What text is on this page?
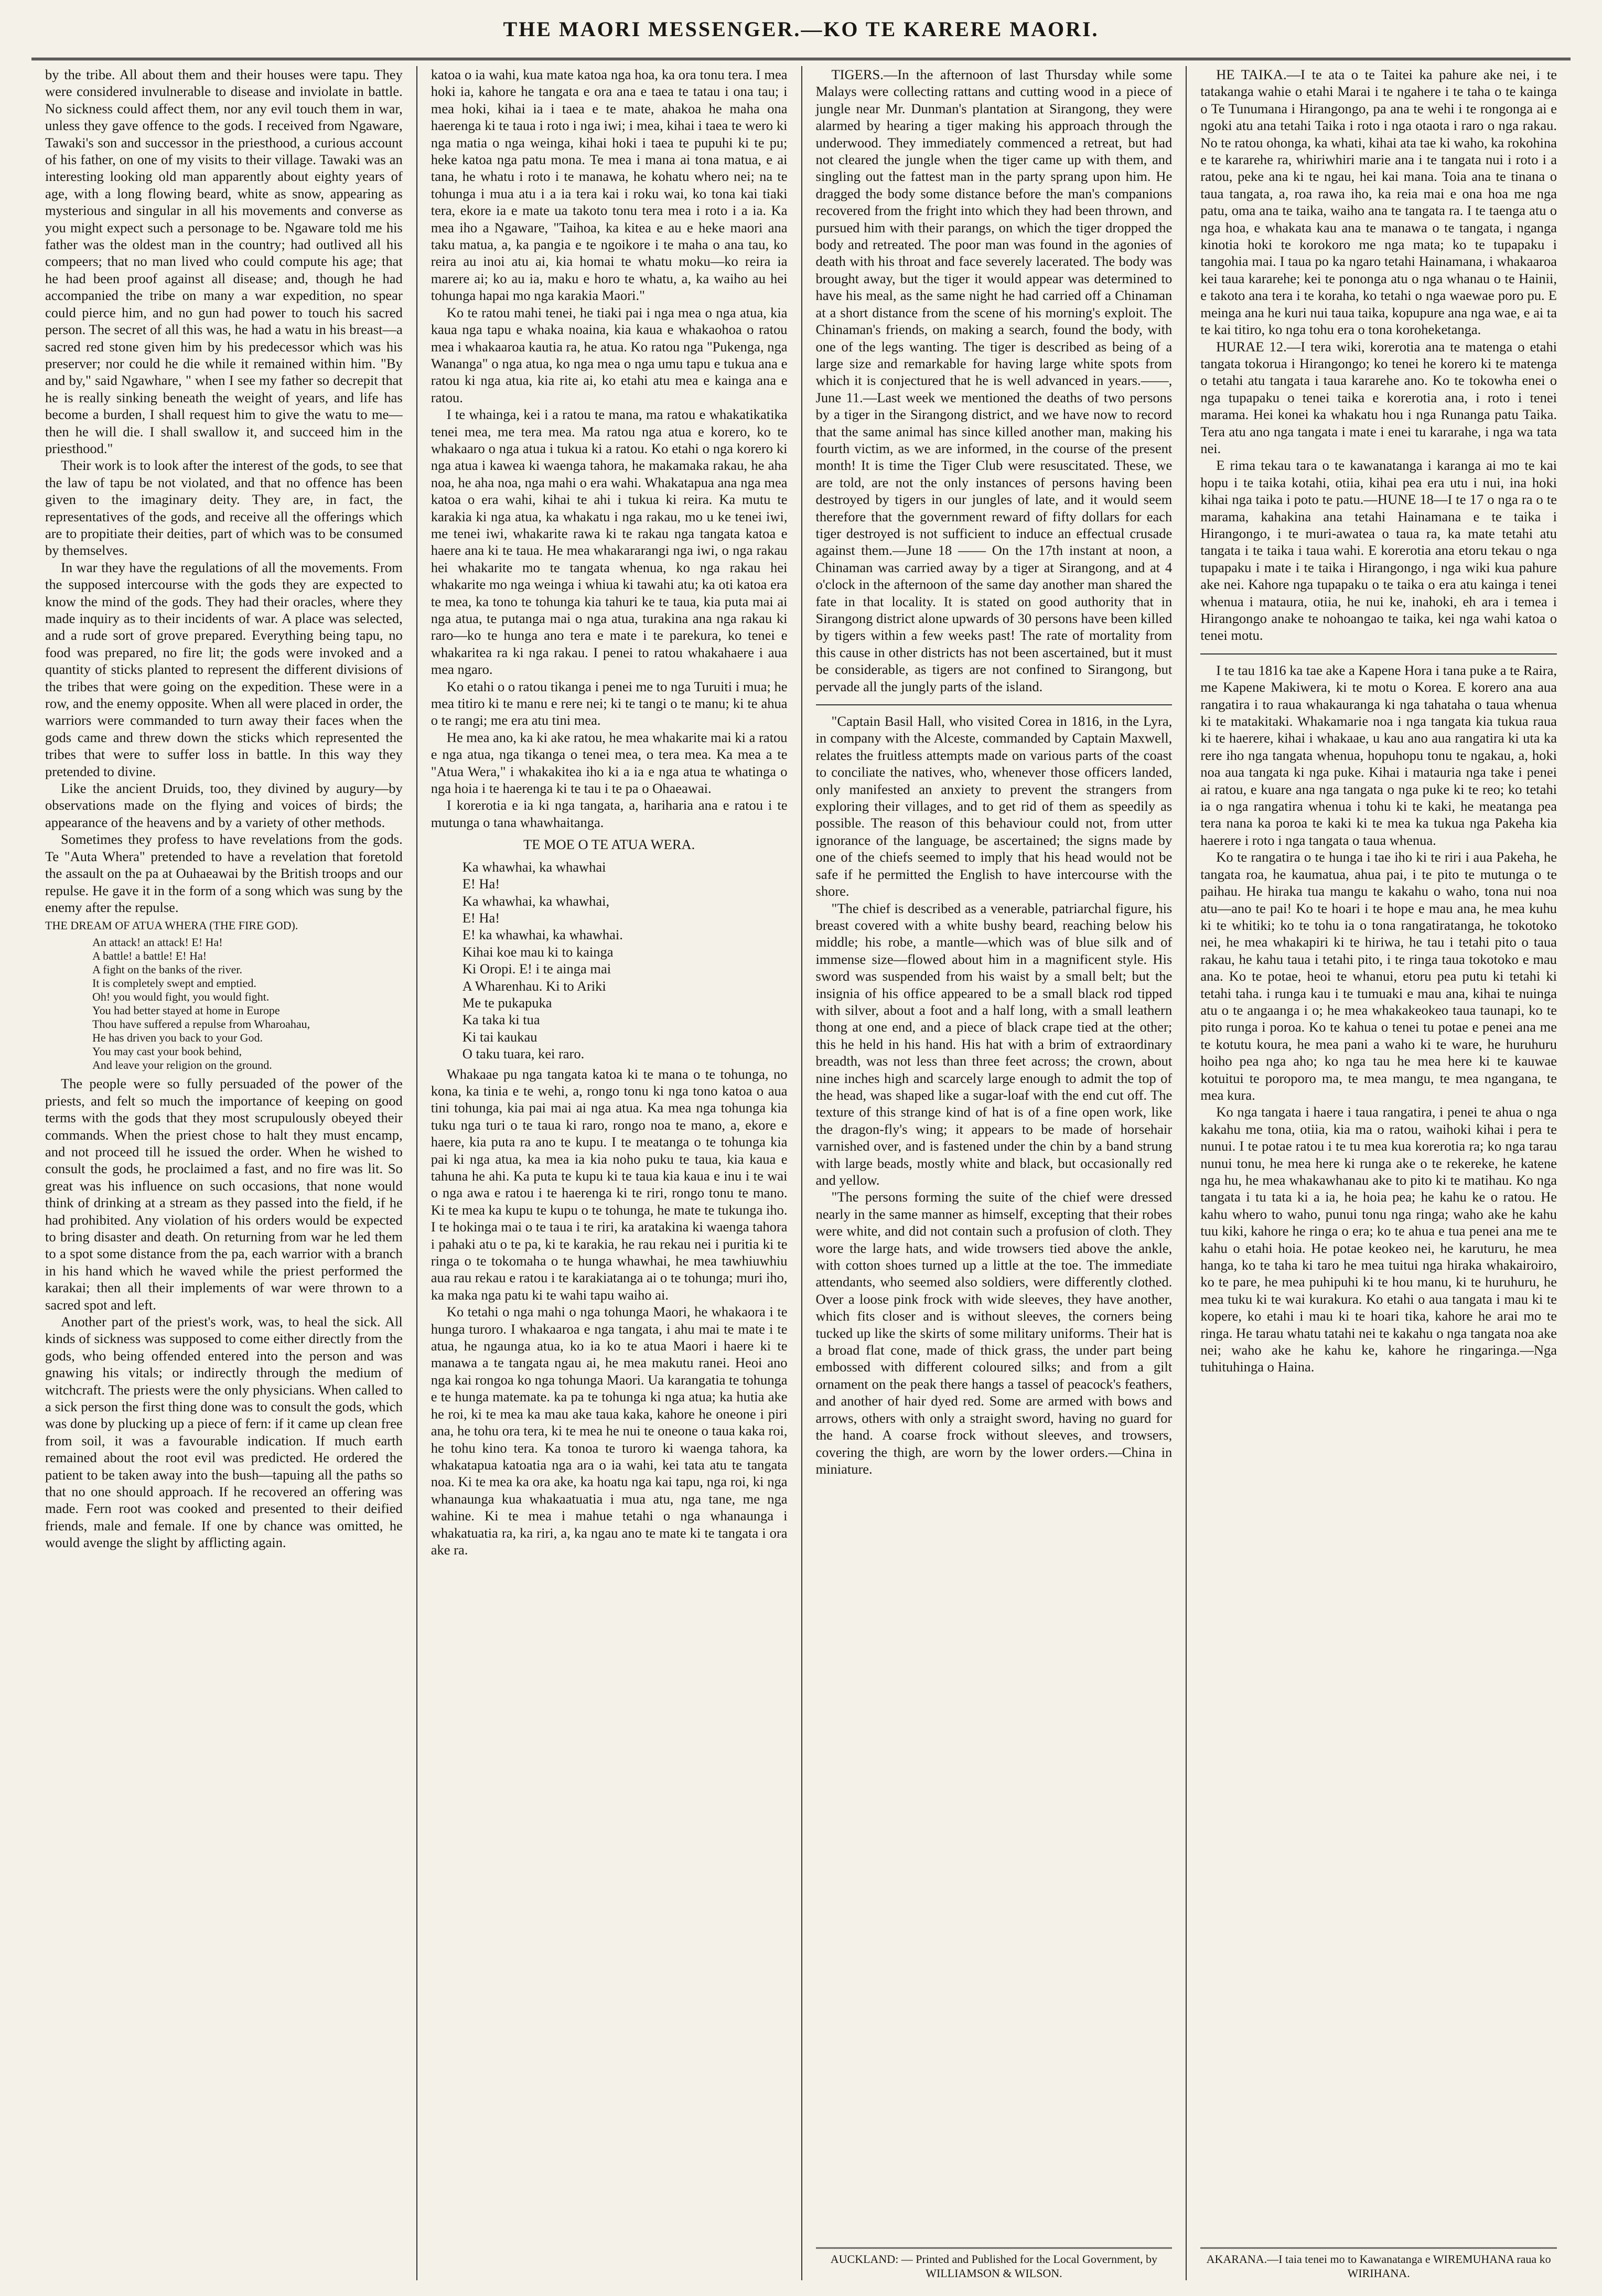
THE MAORI MESSENGER.—KO TE KARERE MAORI.

by the tribe. All about them and their houses were tapu. They were considered invulnerable to disease and inviolate in battle. No sickness could affect them, nor any evil touch them in war, unless they gave offence to the gods. I received from Ngaware, Tawaki's son and successor in the priesthood, a curious account of his father, on one of my visits to their village. Tawaki was an interesting looking old man apparently about eighty years of age, with a long flowing beard, white as snow, appearing as mysterious and singular in all his movements and converse as you might expect such a personage to be. Ngaware told me his father was the oldest man in the country; had outlived all his compeers; that no man lived who could compute his age; that he had been proof against all disease; and, though he had accompanied the tribe on many a war expedition, no spear could pierce him, and no gun had power to touch his sacred person. The secret of all this was, he had a watu in his breast—a sacred red stone given him by his predecessor which was his preserver; nor could he die while it remained within him. "By and by," said Ngawhare, " when I see my father so decrepit that he is really sinking beneath the weight of years, and life has become a burden, I shall request him to give the watu to me—then he will die. I shall swallow it, and succeed him in the priesthood."

Their work is to look after the interest of the gods, to see that the law of tapu be not violated, and that no offence has been given to the imaginary deity. They are, in fact, the representatives of the gods, and receive all the offerings which are to propitiate their deities, part of which was to be consumed by themselves.

In war they have the regulations of all the movements. From the supposed intercourse with the gods they are expected to know the mind of the gods. They had their oracles, where they made inquiry as to their incidents of war. A place was selected, and a rude sort of grove prepared. Everything being tapu, no food was prepared, no fire lit; the gods were invoked and a quantity of sticks planted to represent the different divisions of the tribes that were going on the expedition. These were in a row, and the enemy opposite. When all were placed in order, the warriors were commanded to turn away their faces when the gods came and threw down the sticks which represented the tribes that were to suffer loss in battle. In this way they pretended to divine.

Like the ancient Druids, too, they divined by augury—by observations made on the flying and voices of birds; the appearance of the heavens and by a variety of other methods.

Sometimes they profess to have revelations from the gods. Te "Auta Whera" pretended to have a revelation that foretold the assault on the pa at Ouhaeawai by the British troops and our repulse. He gave it in the form of a song which was sung by the enemy after the repulse.

THE DREAM OF ATUA WHERA (THE FIRE GOD).

An attack! an attack! E! Ha!
A battle! a battle! E! Ha!
A fight on the banks of the river.
It is completely swept and emptied.
Oh! you would fight, you would fight.
You had better stayed at home in Europe
Thou have suffered a repulse from Wharoahau,
He has driven you back to your God.
You may cast your book behind,
And leave your religion on the ground.

The people were so fully persuaded of the power of the priests, and felt so much the importance of keeping on good terms with the gods that they most scrupulously obeyed their commands. When the priest chose to halt they must encamp, and not proceed till he issued the order. When he wished to consult the gods, he proclaimed a fast, and no fire was lit. So great was his influence on such occasions, that none would think of drinking at a stream as they passed into the field, if he had prohibited. Any violation of his orders would be expected to bring disaster and death. On returning from war he led them to a spot some distance from the pa, each warrior with a branch in his hand which he waved while the priest performed the karakai; then all their implements of war were thrown to a sacred spot and left.

Another part of the priest's work, was, to heal the sick. All kinds of sickness was supposed to come either directly from the gods, who being offended entered into the person and was gnawing his vitals; or indirectly through the medium of witchcraft. The priests were the only physicians. When called to a sick person the first thing done was to consult the gods, which was done by plucking up a piece of fern: if it came up clean free from soil, it was a favourable indication. If much earth remained about the root evil was predicted. He ordered the patient to be taken away into the bush—tapuing all the paths so that no one should approach. If he recovered an offering was made. Fern root was cooked and presented to their deified friends, male and female. If one by chance was omitted, he would avenge the slight by afflicting again.

katoa o ia wahi, kua mate katoa nga hoa, ka ora tonu tera. I mea hoki ia, kahore he tangata e ora ana e taea te tatau i ona tau; i mea hoki, kihai ia i taea e te mate, ahakoa he maha ona haerenga ki te taua i roto i nga iwi; i mea, kihai i taea te wero ki nga matia o nga weinga, kihai hoki i taea te pupuhi ki te pu; heke katoa nga patu mona. Te mea i mana ai tona matua, e ai tana, he whatu i roto i te manawa, he kohatu whero nei; na te tohunga i mua atu i a ia tera kai i roku wai, ko tona kai tiaki tera, ekore ia e mate ua takoto tonu tera mea i roto i a ia. Ka mea iho a Ngaware, "Taihoa, ka kitea e au e heke maori ana taku matua, a, ka pangia e te ngoikore i te maha o ana tau, ko reira au inoi atu ai, kia homai te whatu moku—ko reira ia marere ai; ko au ia, maku e horo te whatu, a, ka waiho au hei tohunga hapai mo nga karakia Maori."

Ko te ratou mahi tenei, he tiaki pai i nga mea o nga atua, kia kaua nga tapu e whaka noaina, kia kaua e whakaohoa o ratou mea i whakaaroa kautia ra, he atua. Ko ratou nga "Pukenga, nga Wananga" o nga atua, ko nga mea o nga umu tapu e tukua ana e ratou ki nga atua, kia rite ai, ko etahi atu mea e kainga ana e ratou.

I te whainga, kei i a ratou te mana, ma ratou e whakatikatika tenei mea, me tera mea. Ma ratou nga atua e korero, ko te whakaaro o nga atua i tukua ki a ratou. Ko etahi o nga korero ki nga atua i kawea ki waenga tahora, he makamaka rakau, he aha noa, he aha noa, nga mahi o era wahi. Whakatapua ana nga mea katoa o era wahi, kihai te ahi i tukua ki reira. Ka mutu te karakia ki nga atua, ka whakatu i nga rakau, mo u ke tenei iwi, me tenei iwi, whakarite rawa ki te rakau nga tangata katoa e haere ana ki te taua. He mea whakararangi nga iwi, o nga rakau hei whakarite mo te tangata whenua, ko nga rakau hei whakarite mo nga weinga i whiua ki tawahi atu; ka oti katoa era te mea, ka tono te tohunga kia tahuri ke te taua, kia puta mai ai nga atua, te putanga mai o nga atua, turakina ana nga rakau ki raro—ko te hunga ano tera e mate i te parekura, ko tenei e whakaritea ra ki nga rakau. I penei to ratou whakahaere i aua mea ngaro.

Ko etahi o o ratou tikanga i penei me to nga Turuiti i mua; he mea titiro ki te manu e rere nei; ki te tangi o te manu; ki te ahua o te rangi; me era atu tini mea.

He mea ano, ka ki ake ratou, he mea whakarite mai ki a ratou e nga atua, nga tikanga o tenei mea, o tera mea. Ka mea a te "Atua Wera," i whakakitea iho ki a ia e nga atua te whatinga o nga hoia i te haerenga ki te tau i te pa o Ohaeawai.

I korerotia e ia ki nga tangata, a, hariharia ana e ratou i te mutunga o tana whawhaitanga.

TE MOE O TE ATUA WERA.

Ka whawhai, ka whawhai
E! Ha!
Ka whawhai, ka whawhai,
E! Ha!
E! ka whawhai, ka whawhai.
Kihai koe mau ki to kainga
Ki Oropi. E! i te ainga mai
A Wharenhau. Ki to Ariki
Me te pukapuka
Ka taka ki tua
Ki tai kaukau
O taku tuara, kei raro.

Whakaae pu nga tangata katoa ki te mana o te tohunga, no kona, ka tinia e te wehi, a, rongo tonu ki nga tono katoa o aua tini tohunga, kia pai mai ai nga atua. Ka mea nga tohunga kia tuku nga turi o te taua ki raro, rongo noa te mano, a, ekore e haere, kia puta ra ano te kupu. I te meatanga o te tohunga kia pai ki nga atua, ka mea ia kia noho puku te taua, kia kaua e tahuna he ahi. Ka puta te kupu ki te taua kia kaua e inu i te wai o nga awa e ratou i te haerenga ki te riri, rongo tonu te mano. Ki te mea ka kupu te kupu o te tohunga, he mate te tukunga iho. I te hokinga mai o te taua i te riri, ka aratakina ki waenga tahora i pahaki atu o te pa, ki te karakia, he rau rekau nei i puritia ki te ringa o te tokomaha o te hunga whawhai, he mea tawhiuwhiu aua rau rekau e ratou i te karakiatanga ai o te tohunga; muri iho, ka maka nga patu ki te wahi tapu waiho ai.

Ko tetahi o nga mahi o nga tohunga Maori, he whakaora i te hunga turoro. I whakaaroa e nga tangata, i ahu mai te mate i te atua, he ngaunga atua, ko ia ko te atua Maori i haere ki te manawa a te tangata ngau ai, he mea makutu ranei. Heoi ano nga kai rongoa ko nga tohunga Maori. Ua karangatia te tohunga e te hunga matemate. ka pa te tohunga ki nga atua; ka hutia ake he roi, ki te mea ka mau ake taua kaka, kahore he oneone i piri ana, he tohu ora tera, ki te mea he nui te oneone o taua kaka roi, he tohu kino tera. Ka tonoa te turoro ki waenga tahora, ka whakatapua katoatia nga ara o ia wahi, kei tata atu te tangata noa. Ki te mea ka ora ake, ka hoatu nga kai tapu, nga roi, ki nga whanaunga kua whakaatuatia i mua atu, nga tane, me nga wahine. Ki te mea i mahue tetahi o nga whanaunga i whakatuatia ra, ka riri, a, ka ngau ano te mate ki te tangata i ora ake ra.

TIGERS.—In the afternoon of last Thursday while some Malays were collecting rattans and cutting wood in a piece of jungle near Mr. Dunman's plantation at Sirangong, they were alarmed by hearing a tiger making his approach through the underwood. They immediately commenced a retreat, but had not cleared the jungle when the tiger came up with them, and singling out the fattest man in the party sprang upon him. He dragged the body some distance before the man's companions recovered from the fright into which they had been thrown, and pursued him with their parangs, on which the tiger dropped the body and retreated. The poor man was found in the agonies of death with his throat and face severely lacerated. The body was brought away, but the tiger it would appear was determined to have his meal, as the same night he had carried off a Chinaman at a short distance from the scene of his morning's exploit. The Chinaman's friends, on making a search, found the body, with one of the legs wanting. The tiger is described as being of a large size and remarkable for having large white spots from which it is conjectured that he is well advanced in years.——, June 11.—Last week we mentioned the deaths of two persons by a tiger in the Sirangong district, and we have now to record that the same animal has since killed another man, making his fourth victim, as we are informed, in the course of the present month! It is time the Tiger Club were resuscitated. These, we are told, are not the only instances of persons having been destroyed by tigers in our jungles of late, and it would seem therefore that the government reward of fifty dollars for each tiger destroyed is not sufficient to induce an effectual crusade against them.—June 18 —— On the 17th instant at noon, a Chinaman was carried away by a tiger at Sirangong, and at 4 o'clock in the afternoon of the same day another man shared the fate in that locality. It is stated on good authority that in Sirangong district alone upwards of 30 persons have been killed by tigers within a few weeks past! The rate of mortality from this cause in other districts has not been ascertained, but it must be considerable, as tigers are not confined to Sirangong, but pervade all the jungly parts of the island.

"Captain Basil Hall, who visited Corea in 1816, in the Lyra, in company with the Alceste, commanded by Captain Maxwell, relates the fruitless attempts made on various parts of the coast to conciliate the natives, who, whenever those officers landed, only manifested an anxiety to prevent the strangers from exploring their villages, and to get rid of them as speedily as possible. The reason of this behaviour could not, from utter ignorance of the language, be ascertained; the signs made by one of the chiefs seemed to imply that his head would not be safe if he permitted the English to have intercourse with the shore.

"The chief is described as a venerable, patriarchal figure, his breast covered with a white bushy beard, reaching below his middle; his robe, a mantle—which was of blue silk and of immense size—flowed about him in a magnificent style. His sword was suspended from his waist by a small belt; but the insignia of his office appeared to be a small black rod tipped with silver, about a foot and a half long, with a small leathern thong at one end, and a piece of black crape tied at the other; this he held in his hand. His hat with a brim of extraordinary breadth, was not less than three feet across; the crown, about nine inches high and scarcely large enough to admit the top of the head, was shaped like a sugar-loaf with the end cut off. The texture of this strange kind of hat is of a fine open work, like the dragon-fly's wing; it appears to be made of horsehair varnished over, and is fastened under the chin by a band strung with large beads, mostly white and black, but occasionally red and yellow.

"The persons forming the suite of the chief were dressed nearly in the same manner as himself, excepting that their robes were white, and did not contain such a profusion of cloth. They wore the large hats, and wide trowsers tied above the ankle, with cotton shoes turned up a little at the toe. The immediate attendants, who seemed also soldiers, were differently clothed. Over a loose pink frock with wide sleeves, they have another, which fits closer and is without sleeves, the corners being tucked up like the skirts of some military uniforms. Their hat is a broad flat cone, made of thick grass, the under part being embossed with different coloured silks; and from a gilt ornament on the peak there hangs a tassel of peacock's feathers, and another of hair dyed red. Some are armed with bows and arrows, others with only a straight sword, having no guard for the hand. A coarse frock without sleeves, and trowsers, covering the thigh, are worn by the lower orders.—China in miniature.

AUCKLAND: — Printed and Published for the Local Government, by WILLIAMSON & WILSON.

HE TAIKA.—I te ata o te Taitei ka pahure ake nei, i te tatakanga wahie o etahi Marai i te ngahere i te taha o te kainga o Te Tunumana i Hirangongo, pa ana te wehi i te rongonga ai e ngoki atu ana tetahi Taika i roto i nga otaota i raro o nga rakau. No te ratou ohonga, ka whati, kihai ata tae ki waho, ka rokohina e te kararehe ra, whiriwhiri marie ana i te tangata nui i roto i a ratou, peke ana ki te ngau, hei kai mana. Toia ana te tinana o taua tangata, a, roa rawa iho, ka reia mai e ona hoa me nga patu, oma ana te taika, waiho ana te tangata ra. I te taenga atu o nga hoa, e whakata kau ana te manawa o te tangata, i nganga kinotia hoki te korokoro me nga mata; ko te tupapaku i tangohia mai. I taua po ka ngaro tetahi Hainamana, i whakaaroa kei taua kararehe; kei te pononga atu o nga whanau o te Hainii, e takoto ana tera i te koraha, ko tetahi o nga waewae poro pu. E meinga ana he kuri nui taua taika, kopupure ana nga wae, e ai ta te kai titiro, ko nga tohu era o tona koroheketanga.

HURAE 12.—I tera wiki, korerotia ana te matenga o etahi tangata tokorua i Hirangongo; ko tenei he korero ki te matenga o tetahi atu tangata i taua kararehe ano. Ko te tokowha enei o nga tupapaku o tenei taika e korerotia ana, i roto i tenei marama. Hei konei ka whakatu hou i nga Runanga patu Taika. Tera atu ano nga tangata i mate i enei tu kararahe, i nga wa tata nei.

E rima tekau tara o te kawanatanga i karanga ai mo te kai hopu i te taika kotahi, otiia, kihai pea era utu i nui, ina hoki kihai nga taika i poto te patu.—HUNE 18—I te 17 o nga ra o te marama, kahakina ana tetahi Hainamana e te taika i Hirangongo, i te muri-awatea o taua ra, ka mate tetahi atu tangata i te taika i taua wahi. E korerotia ana etoru tekau o nga tupapaku i mate i te taika i Hirangongo, i nga wiki kua pahure ake nei. Kahore nga tupapaku o te taika o era atu kainga i tenei whenua i mataura, otiia, he nui ke, inahoki, eh ara i temea i Hirangongo anake te nohoangao te taika, kei nga wahi katoa o tenei motu.

I te tau 1816 ka tae ake a Kapene Hora i tana puke a te Raira, me Kapene Makiwera, ki te motu o Korea. E korero ana aua rangatira i to raua whakauranga ki nga tahataha o taua whenua ki te matakitaki. Whakamarie noa i nga tangata kia tukua raua ki te haerere, kihai i whakaae, u kau ano aua rangatira ki uta ka rere iho nga tangata whenua, hopuhopu tonu te ngakau, a, hoki noa aua tangata ki nga puke. Kihai i matauria nga take i penei ai ratou, e kuare ana nga tangata o nga puke ki te reo; ko tetahi ia o nga rangatira whenua i tohu ki te kaki, he meatanga pea tera nana ka poroa te kaki ki te mea ka tukua nga Pakeha kia haerere i roto i nga tangata o taua whenua.

Ko te rangatira o te hunga i tae iho ki te riri i aua Pakeha, he tangata roa, he kaumatua, ahua pai, i te pito te mutunga o te paihau. He hiraka tua mangu te kakahu o waho, tona nui noa atu—ano te pai! Ko te hoari i te hope e mau ana, he mea kuhu ki te whitiki; ko te tohu ia o tona rangatiratanga, he tokotoko nei, he mea whakapiri ki te hiriwa, he tau i tetahi pito o taua rakau, he kahu taua i tetahi pito, i te ringa taua tokotoko e mau ana. Ko te potae, heoi te whanui, etoru pea putu ki tetahi ki tetahi taha. i runga kau i te tumuaki e mau ana, kihai te nuinga atu o te angaanga i o; he mea whakakeokeo taua taunapi, ko te pito runga i poroa. Ko te kahua o tenei tu potae e penei ana me te kotutu koura, he mea pani a waho ki te ware, he huruhuru hoiho pea nga aho; ko nga tau he mea here ki te kauwae kotuitui te poroporo ma, te mea mangu, te mea ngangana, te mea kura.

Ko nga tangata i haere i taua rangatira, i penei te ahua o nga kakahu me tona, otiia, kia ma o ratou, waihoki kihai i pera te nunui. I te potae ratou i te tu mea kua korerotia ra; ko nga tarau nunui tonu, he mea here ki runga ake o te rekereke, he katene nga hu, he mea whakawhanau ake to pito ki te matihau. Ko nga tangata i tu tata ki a ia, he hoia pea; he kahu ke o ratou. He kahu whero to waho, punui tonu nga ringa; waho ake he kahu tuu kiki, kahore he ringa o era; ko te ahua e tua penei ana me te kahu o etahi hoia. He potae keokeo nei, he karuturu, he mea hanga, ko te taha ki taro he mea tuitui nga hiraka whakairoiro, ko te pare, he mea puhipuhi ki te hou manu, ki te huruhuru, he mea tuku ki te wai kurakura. Ko etahi o aua tangata i mau ki te kopere, ko etahi i mau ki te hoari tika, kahore he arai mo te ringa. He tarau whatu tatahi nei te kakahu o nga tangata noa ake nei; waho ake he kahu ke, kahore he ringaringa.—Nga tuhituhinga o Haina.

AKARANA.—I taia tenei mo to Kawanatanga e WIREMUHANA raua ko WIRIHANA.
